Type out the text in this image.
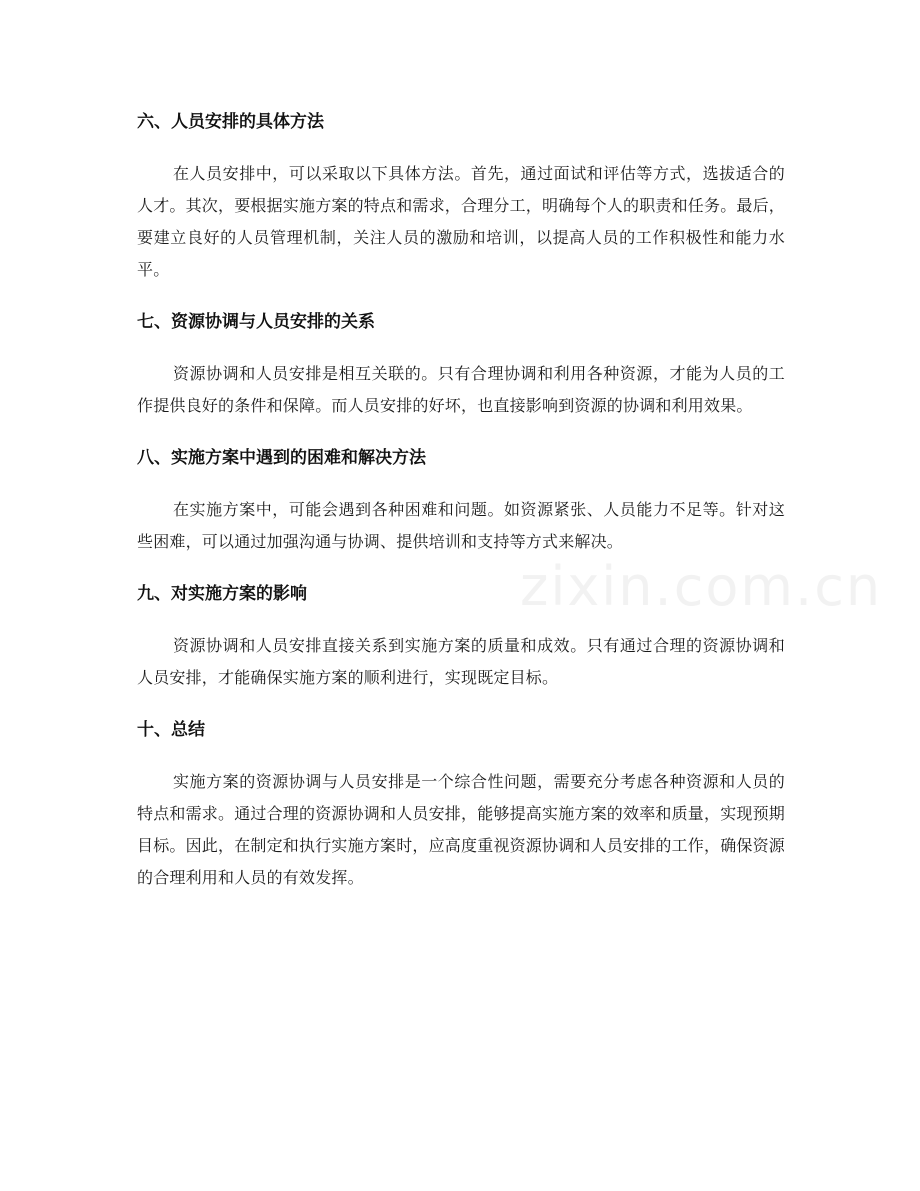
zixin.com.cn
六、人员安排的具体方法

在人员安排中，可以采取以下具体方法。首先，通过面试和评估等方式，选拔适合的人才。其次，要根据实施方案的特点和需求，合理分工，明确每个人的职责和任务。最后，要建立良好的人员管理机制，关注人员的激励和培训，以提高人员的工作积极性和能力水平。

七、资源协调与人员安排的关系

资源协调和人员安排是相互关联的。只有合理协调和利用各种资源，才能为人员的工作提供良好的条件和保障。而人员安排的好坏，也直接影响到资源的协调和利用效果。

八、实施方案中遇到的困难和解决方法

在实施方案中，可能会遇到各种困难和问题。如资源紧张、人员能力不足等。针对这些困难，可以通过加强沟通与协调、提供培训和支持等方式来解决。

九、对实施方案的影响

资源协调和人员安排直接关系到实施方案的质量和成效。只有通过合理的资源协调和人员安排，才能确保实施方案的顺利进行，实现既定目标。

十、总结

实施方案的资源协调与人员安排是一个综合性问题，需要充分考虑各种资源和人员的特点和需求。通过合理的资源协调和人员安排，能够提高实施方案的效率和质量，实现预期目标。因此，在制定和执行实施方案时，应高度重视资源协调和人员安排的工作，确保资源的合理利用和人员的有效发挥。
